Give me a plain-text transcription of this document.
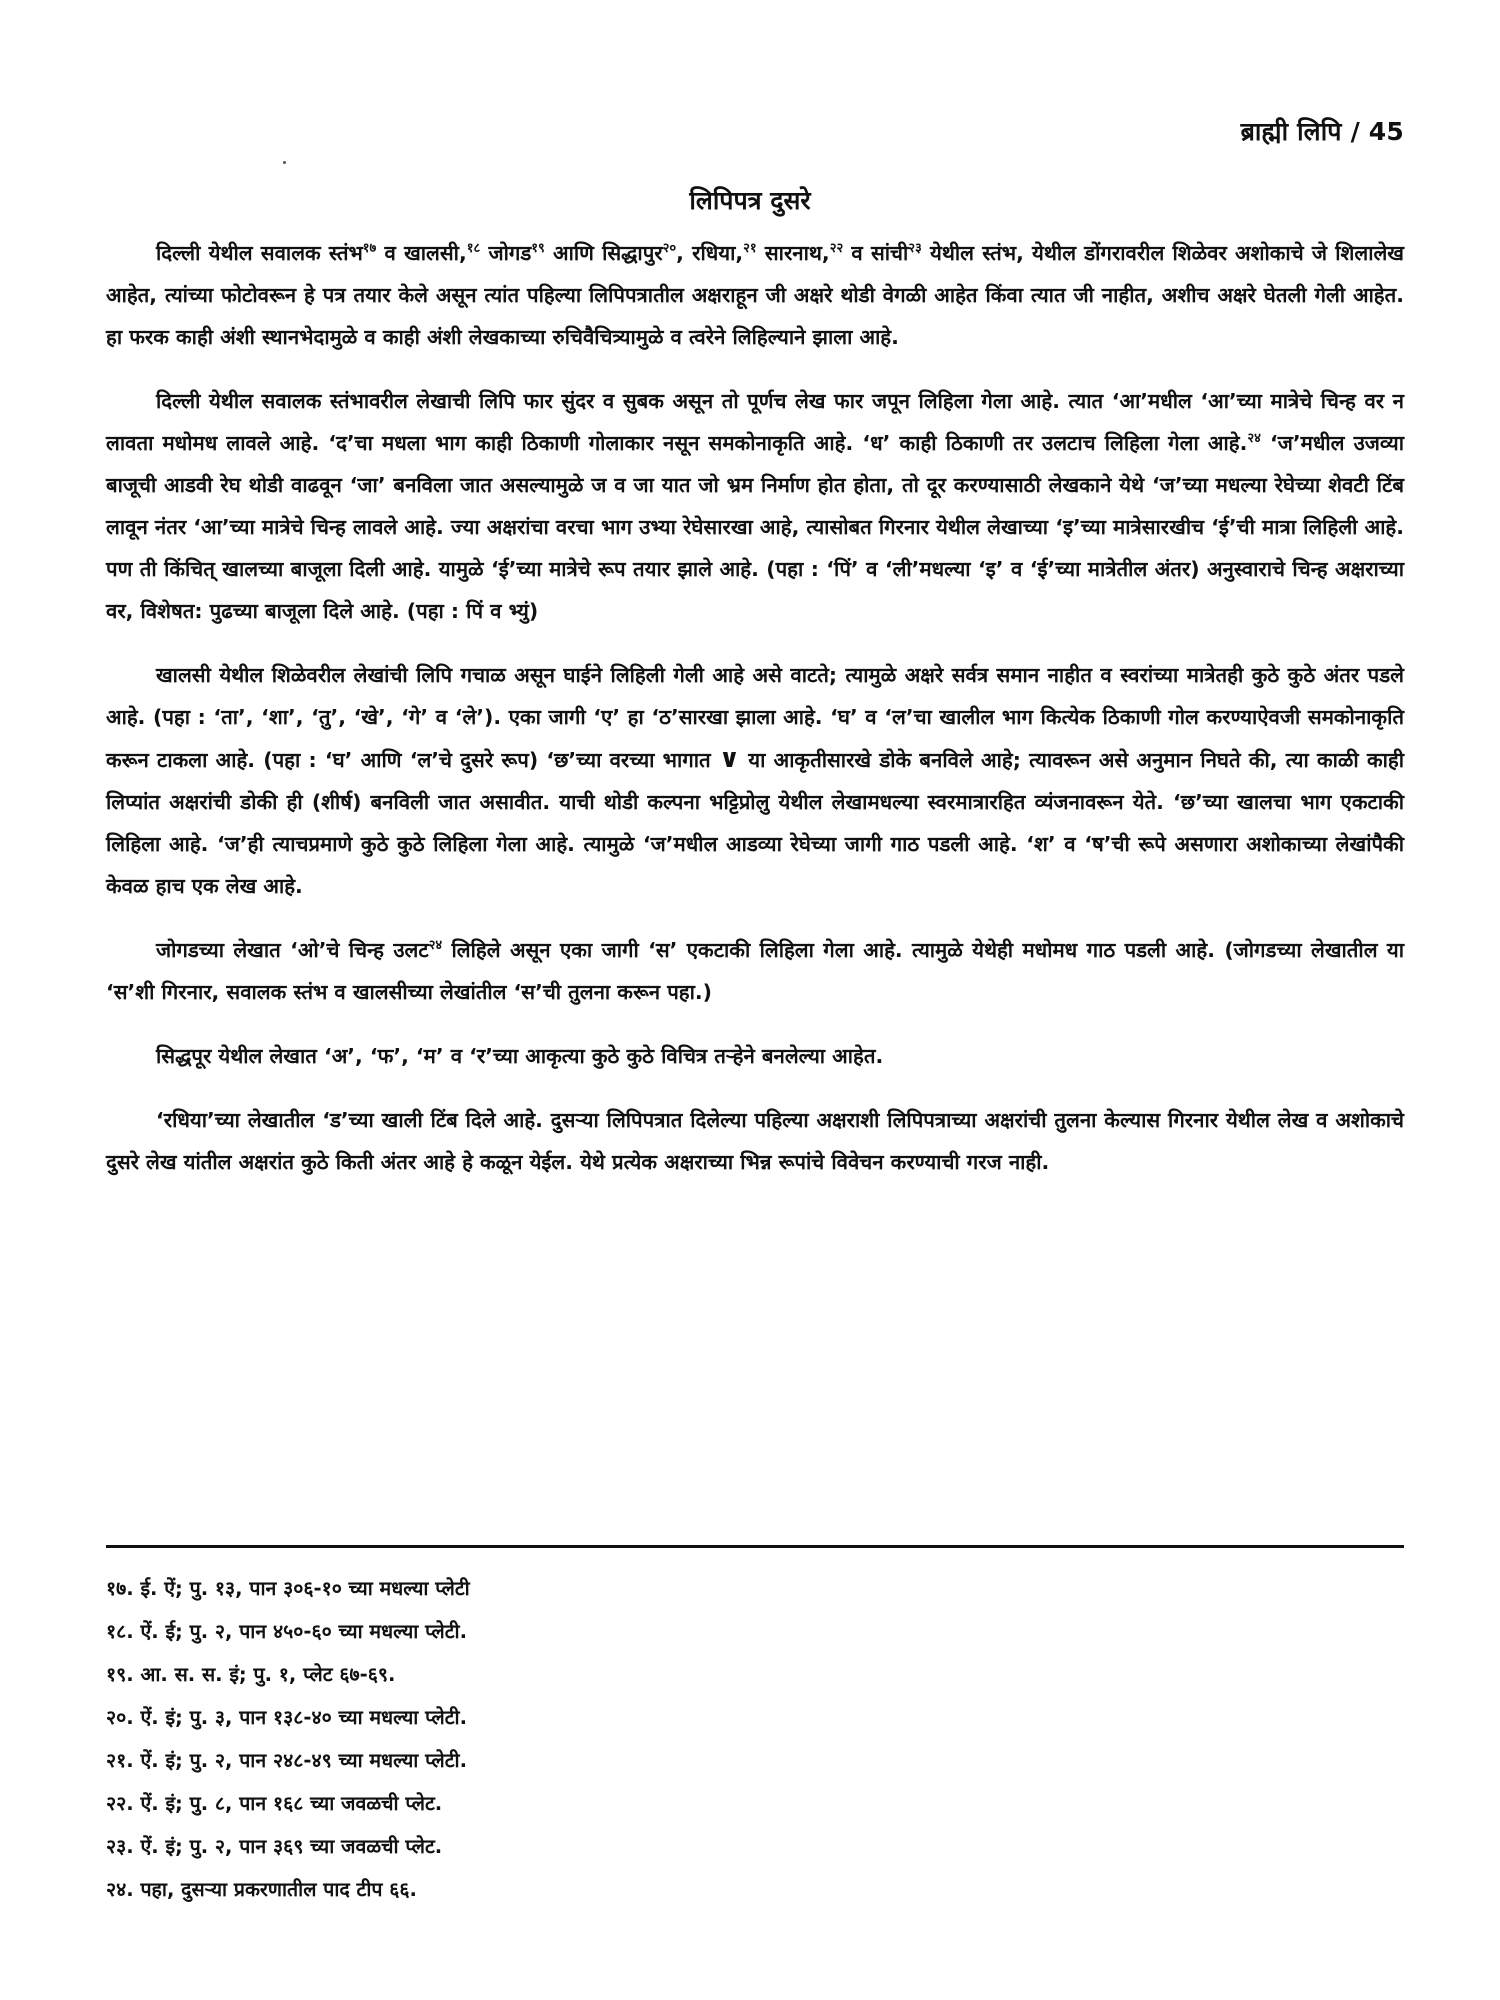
ब्राह्मी लिपि / 45
लिपिपत्र दुसरे

दिल्ली येथील सवालक स्तंभ$^{१७}$ व खालसी,$^{१८}$ जोगड$^{१९}$ आणि सिद्धापुर$^{२०}$, रधिया,$^{२१}$ सारनाथ,$^{२२}$ व सांची$^{२३}$ येथील स्तंभ, येथील डोंगरावरील शिळेवर अशोकाचे जे शिलालेख आहेत, त्यांच्या फोटोवरून हे पत्र तयार केले असून त्यांत पहिल्या लिपिपत्रातील अक्षराहून जी अक्षरे थोडी वेगळी आहेत किंवा त्यात जी नाहीत, अशीच अक्षरे घेतली गेली आहेत. हा फरक काही अंशी स्थानभेदामुळे व काही अंशी लेखकाच्या रुचिवैचित्र्यामुळे व त्वरेने लिहिल्याने झाला आहे.

दिल्ली येथील सवालक स्तंभावरील लेखाची लिपि फार सुंदर व सुबक असून तो पूर्णच लेख फार जपून लिहिला गेला आहे. त्यात ‘आ’मधील ‘आ’च्या मात्रेचे चिन्ह वर न लावता मधोमध लावले आहे. ‘द’चा मधला भाग काही ठिकाणी गोलाकार नसून समकोनाकृति आहे. ‘ध’ काही ठिकाणी तर उलटाच लिहिला गेला आहे.$^{२४}$ ‘ज’मधील उजव्या बाजूची आडवी रेघ थोडी वाढवून ‘जा’ बनविला जात असल्यामुळे ज व जा यात जो भ्रम निर्माण होत होता, तो दूर करण्यासाठी लेखकाने येथे ‘ज’च्या मधल्या रेघेच्या शेवटी टिंब लावून नंतर ‘आ’च्या मात्रेचे चिन्ह लावले आहे. ज्या अक्षरांचा वरचा भाग उभ्या रेघेसारखा आहे, त्यासोबत गिरनार येथील लेखाच्या ‘इ’च्या मात्रेसारखीच ‘ई’ची मात्रा लिहिली आहे. पण ती किंचित् खालच्या बाजूला दिली आहे. यामुळे ‘ई’च्या मात्रेचे रूप तयार झाले आहे. (पहा : ‘पिं’ व ‘ली’मधल्या ‘इ’ व ‘ई’च्या मात्रेतील अंतर) अनुस्वाराचे चिन्ह अक्षराच्या वर, विशेषत: पुढच्या बाजूला दिले आहे. (पहा : पिं व भ्युं)

खालसी येथील शिळेवरील लेखांची लिपि गचाळ असून घाईने लिहिली गेली आहे असे वाटते; त्यामुळे अक्षरे सर्वत्र समान नाहीत व स्वरांच्या मात्रेतही कुठे कुठे अंतर पडले आहे. (पहा : ‘ता’, ‘शा’, ‘तु’, ‘खे’, ‘गे’ व ‘ले’). एका जागी ‘ए’ हा ‘ठ’सारखा झाला आहे. ‘घ’ व ‘ल’चा खालील भाग कित्येक ठिकाणी गोल करण्याऐवजी समकोनाकृति करून टाकला आहे. (पहा : ‘घ’ आणि ‘ल’चे दुसरे रूप) ‘छ’च्या वरच्या भागात ∨ या आकृतीसारखे डोके बनविले आहे; त्यावरून असे अनुमान निघते की, त्या काळी काही लिप्यांत अक्षरांची डोकी ही (शीर्ष) बनविली जात असावीत. याची थोडी कल्पना भट्टिप्रोलु येथील लेखामधल्या स्वरमात्रारहित व्यंजनावरून येते. ‘छ’च्या खालचा भाग एकटाकी लिहिला आहे. ‘ज’ही त्याचप्रमाणे कुठे कुठे लिहिला गेला आहे. त्यामुळे ‘ज’मधील आडव्या रेघेच्या जागी गाठ पडली आहे. ‘श’ व ‘ष’ची रूपे असणारा अशोकाच्या लेखांपैकी केवळ हाच एक लेख आहे.

जोगडच्या लेखात ‘ओ’चे चिन्ह उलट$^{२४}$ लिहिले असून एका जागी ‘स’ एकटाकी लिहिला गेला आहे. त्यामुळे येथेही मधोमध गाठ पडली आहे. (जोगडच्या लेखातील या ‘स’शी गिरनार, सवालक स्तंभ व खालसीच्या लेखांतील ‘स’ची तुलना करून पहा.)

सिद्धपूर येथील लेखात ‘अ’, ‘फ’, ‘म’ व ‘र’च्या आकृत्या कुठे कुठे विचित्र तऱ्हेने बनलेल्या आहेत.

‘रधिया’च्या लेखातील ‘ड’च्या खाली टिंब दिले आहे. दुसऱ्या लिपिपत्रात दिलेल्या पहिल्या अक्षराशी लिपिपत्राच्या अक्षरांची तुलना केल्यास गिरनार येथील लेख व अशोकाचे दुसरे लेख यांतील अक्षरांत कुठे किती अंतर आहे हे कळून येईल. येथे प्रत्येक अक्षराच्या भिन्न रूपांचे विवेचन करण्याची गरज नाही.

१७. ई. ऐं; पु. १३, पान ३०६-१० च्या मधल्या प्लेटी
१८. ऐं. ई; पु. २, पान ४५०-६० च्या मधल्या प्लेटी.
१९. आ. स. स. इं; पु. १, प्लेट ६७-६९.
२०. ऐं. इं; पु. ३, पान १३८-४० च्या मधल्या प्लेटी.
२१. ऐं. इं; पु. २, पान २४८-४९ च्या मधल्या प्लेटी.
२२. ऐं. इं; पु. ८, पान १६८ च्या जवळची प्लेट.
२३. ऐं. इं; पु. २, पान ३६९ च्या जवळची प्लेट.
२४. पहा, दुसऱ्या प्रकरणातील पाद टीप ६६.
